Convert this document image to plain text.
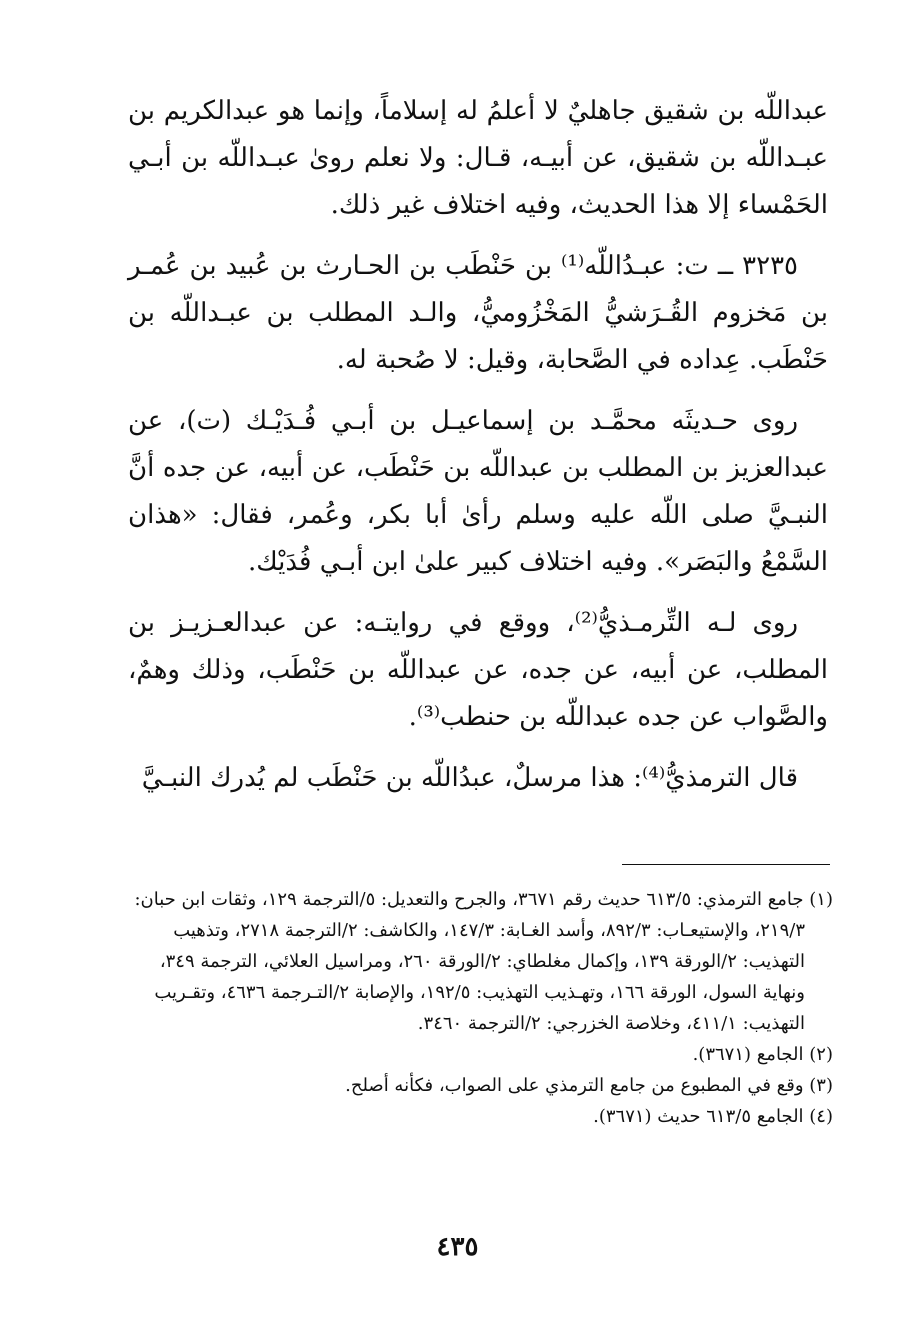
عبداللّه بن شقيق جاهليٌ لا أعلمُ له إسلاماً، وإنما هو عبدالكريم بن عبـداللّه بن شقيق، عن أبيـه، قـال: ولا نعلم روىٰ عبـداللّه بن أبـي الحَمْساء إلا هذا الحديث، وفيه اختلاف غير ذلك.

٣٢٣٥ ــ ت: عبـدُاللّه⁽¹⁾ بن حَنْطَب بن الحـارث بن عُبيد بن عُمـر بن مَخزوم القُـرَشيُّ المَخْزُوميُّ، والـد المطلب بن عبـداللّه بن حَنْطَب. عِداده في الصَّحابة، وقيل: لا صُحبة له.

روى حـديثَه محمَّـد بن إسماعيـل بن أبـي فُـدَيْـك (ت)، عن عبدالعزيز بن المطلب بن عبداللّه بن حَنْطَب، عن أبيه، عن جده أنَّ النبـيَّ صلى اللّه عليه وسلم رأىٰ أبا بكر، وعُمر، فقال: «هذان السَّمْعُ والبَصَر». وفيه اختلاف كبير علىٰ ابن أبـي فُدَيْك.

روى لـه التِّرمـذيُّ⁽²⁾، ووقع في روايتـه: عن عبدالعـزيـز بن المطلب، عن أبيه، عن جده، عن عبداللّه بن حَنْطَب، وذلك وهمٌ، والصَّواب عن جده عبداللّه بن حنطب⁽³⁾.

قال الترمذيُّ⁽⁴⁾: هذا مرسلٌ، عبدُاللّه بن حَنْطَب لم يُدرك النبـيَّ

(١) جامع الترمذي: ٦١٣/٥ حديث رقم ٣٦٧١، والجرح والتعديل: ٥/الترجمة ١٢٩، وثقات ابن حبان: ٢١٩/٣، والإستيعـاب: ٨٩٢/٣، وأسد الغـابة: ١٤٧/٣، والكاشف: ٢/الترجمة ٢٧١٨، وتذهيب التهذيب: ٢/الورقة ١٣٩، وإكمال مغلطاي: ٢/الورقة ٢٦٠، ومراسيل العلائي، الترجمة ٣٤٩، ونهاية السول، الورقة ١٦٦، وتهـذيب التهذيب: ١٩٢/٥، والإصابة ٢/التـرجمة ٤٦٣٦، وتقـريب التهذيب: ٤١١/١، وخلاصة الخزرجي: ٢/الترجمة ٣٤٦٠.

(٢) الجامع (٣٦٧١).

(٣) وقع في المطبوع من جامع الترمذي على الصواب، فكأنه أصلح.

(٤) الجامع ٦١٣/٥ حديث (٣٦٧١).

٤٣٥
